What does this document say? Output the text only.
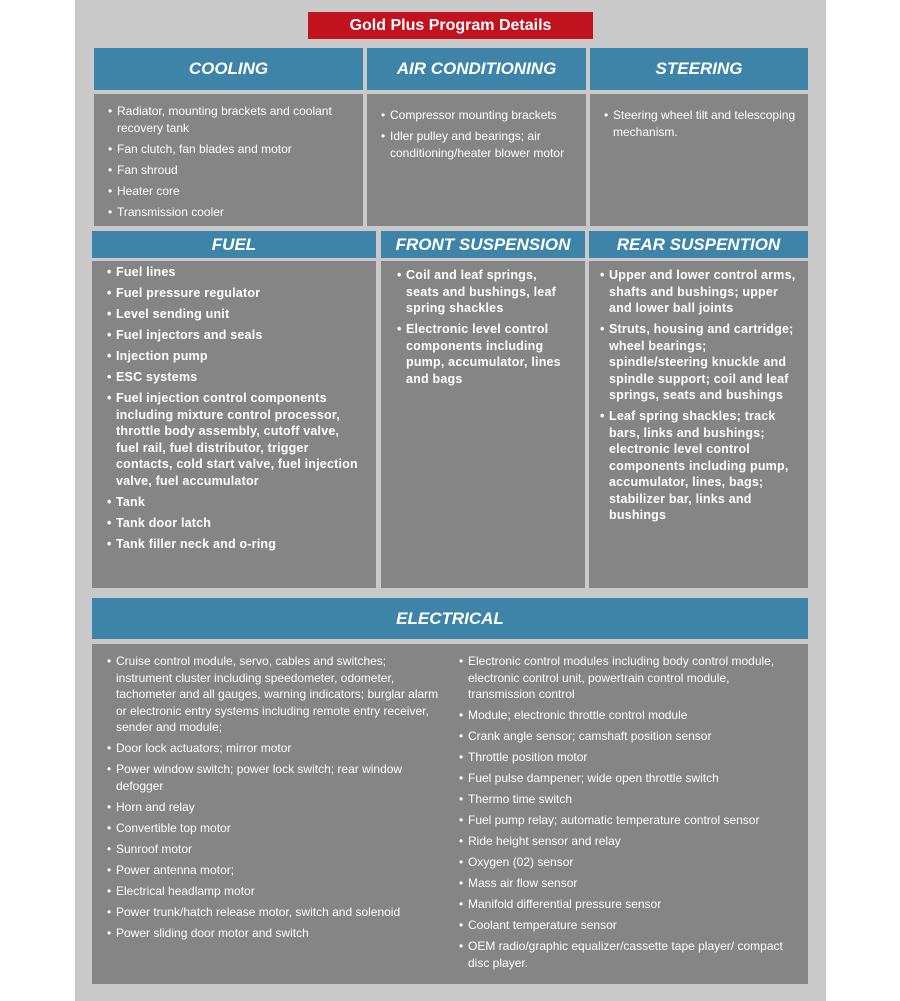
Gold Plus Program Details
COOLING	AIR CONDITIONING	STEERING
• Radiator, mounting brackets and coolant recovery tank
• Fan clutch, fan blades and motor
• Fan shroud
• Heater core
• Transmission cooler
• Compressor mounting brackets
• Idler pulley and bearings; air conditioning/heater blower motor
• Steering wheel tilt and telescoping mechanism.
FUEL	FRONT SUSPENSION	REAR SUSPENTION
• Fuel lines
• Fuel pressure regulator
• Level sending unit
• Fuel injectors and seals
• Injection pump
• ESC systems
• Fuel injection control components including mixture control processor, throttle body assembly, cutoff valve, fuel rail, fuel distributor, trigger contacts, cold start valve, fuel injection valve, fuel accumulator
• Tank
• Tank door latch
• Tank filler neck and o-ring
• Coil and leaf springs, seats and bushings, leaf spring shackles
• Electronic level control components including pump, accumulator, lines and bags
• Upper and lower control arms, shafts and bushings; upper and lower ball joints
• Struts, housing and cartridge; wheel bearings; spindle/steering knuckle and spindle support; coil and leaf springs, seats and bushings
• Leaf spring shackles; track bars, links and bushings; electronic level control components including pump, accumulator, lines, bags; stabilizer bar, links and bushings
ELECTRICAL
• Cruise control module, servo, cables and switches; instrument cluster including speedometer, odometer, tachometer and all gauges, warning indicators; burglar alarm or electronic entry systems including remote entry receiver, sender and module;
• Door lock actuators; mirror motor
• Power window switch; power lock switch; rear window defogger
• Horn and relay
• Convertible top motor
• Sunroof motor
• Power antenna motor;
• Electrical headlamp motor
• Power trunk/hatch release motor, switch and solenoid
• Power sliding door motor and switch
• Electronic control modules including body control module, electronic control unit, powertrain control module, transmission control
• Module; electronic throttle control module
• Crank angle sensor; camshaft position sensor
• Throttle position motor
• Fuel pulse dampener; wide open throttle switch
• Thermo time switch
• Fuel pump relay; automatic temperature control sensor
• Ride height sensor and relay
• Oxygen (02) sensor
• Mass air flow sensor
• Manifold differential pressure sensor
• Coolant temperature sensor
• OEM radio/graphic equalizer/cassette tape player/ compact disc player.
